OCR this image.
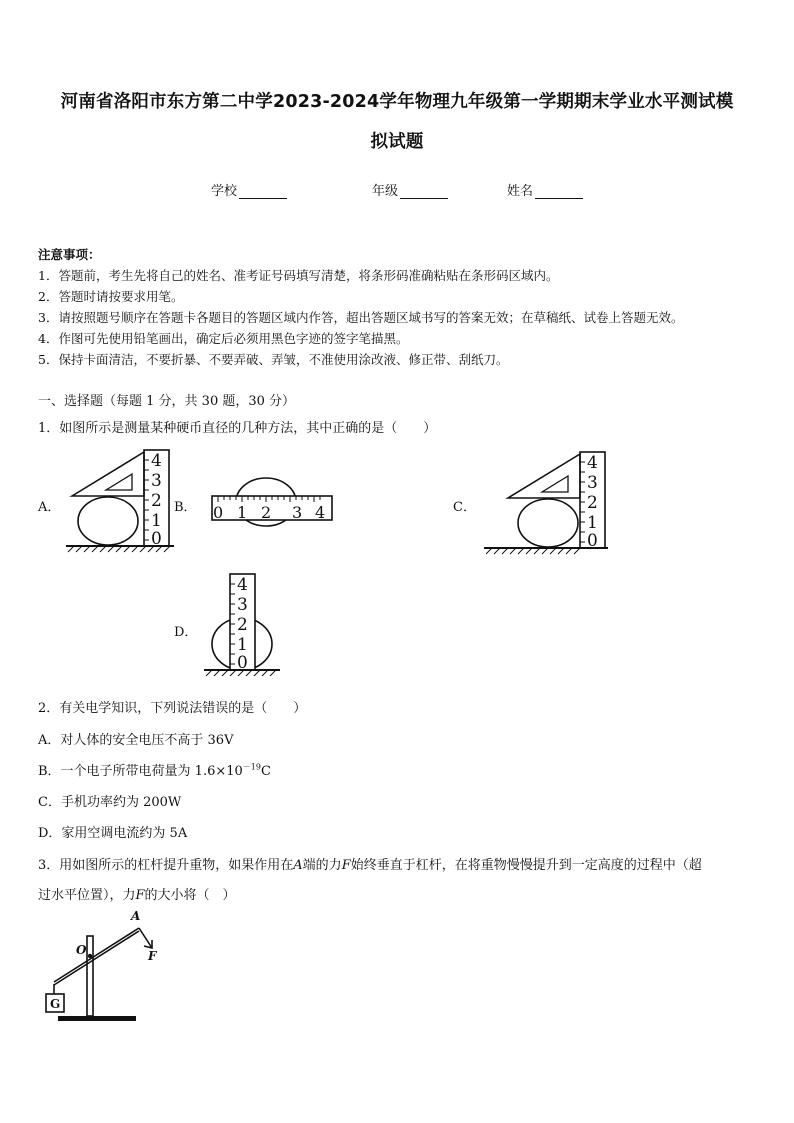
河南省洛阳市东方第二中学2023-2024学年物理九年级第一学期期末学业水平测试模
拟试题
学校	年级	姓名
注意事项：
1．答题前，考生先将自己的姓名、准考证号码填写清楚，将条形码准确粘贴在条形码区域内。
2．答题时请按要求用笔。
3．请按照题号顺序在答题卡各题目的答题区域内作答，超出答题区域书写的答案无效；在草稿纸、试卷上答题无效。
4．作图可先使用铅笔画出，确定后必须用黑色字迹的签字笔描黑。
5．保持卡面清洁，不要折暴、不要弄破、弄皱，不准使用涂改液、修正带、刮纸刀。
一、选择题（每题 1 分，共 30 题，30 分）
1．如图所示是测量某种硬币直径的几种方法，其中正确的是（　　）
A．	B．	C．
D．
4
3
2
1
0
0 1 2 3 4
4
3
2
1
0
4
3
2
1
0
2．有关电学知识，下列说法错误的是（　　）
A．对人体的安全电压不高于 36V
B．一个电子所带电荷量为 $1.6\times 10^{-19}C$
C．手机功率约为 200W
D．家用空调电流约为 5A
3．用如图所示的杠杆提升重物，如果作用在A端的力F始终垂直于杠杆，在将重物慢慢提升到一定高度的过程中（超
过水平位置），力F的大小将（　）
A
O	F
G
